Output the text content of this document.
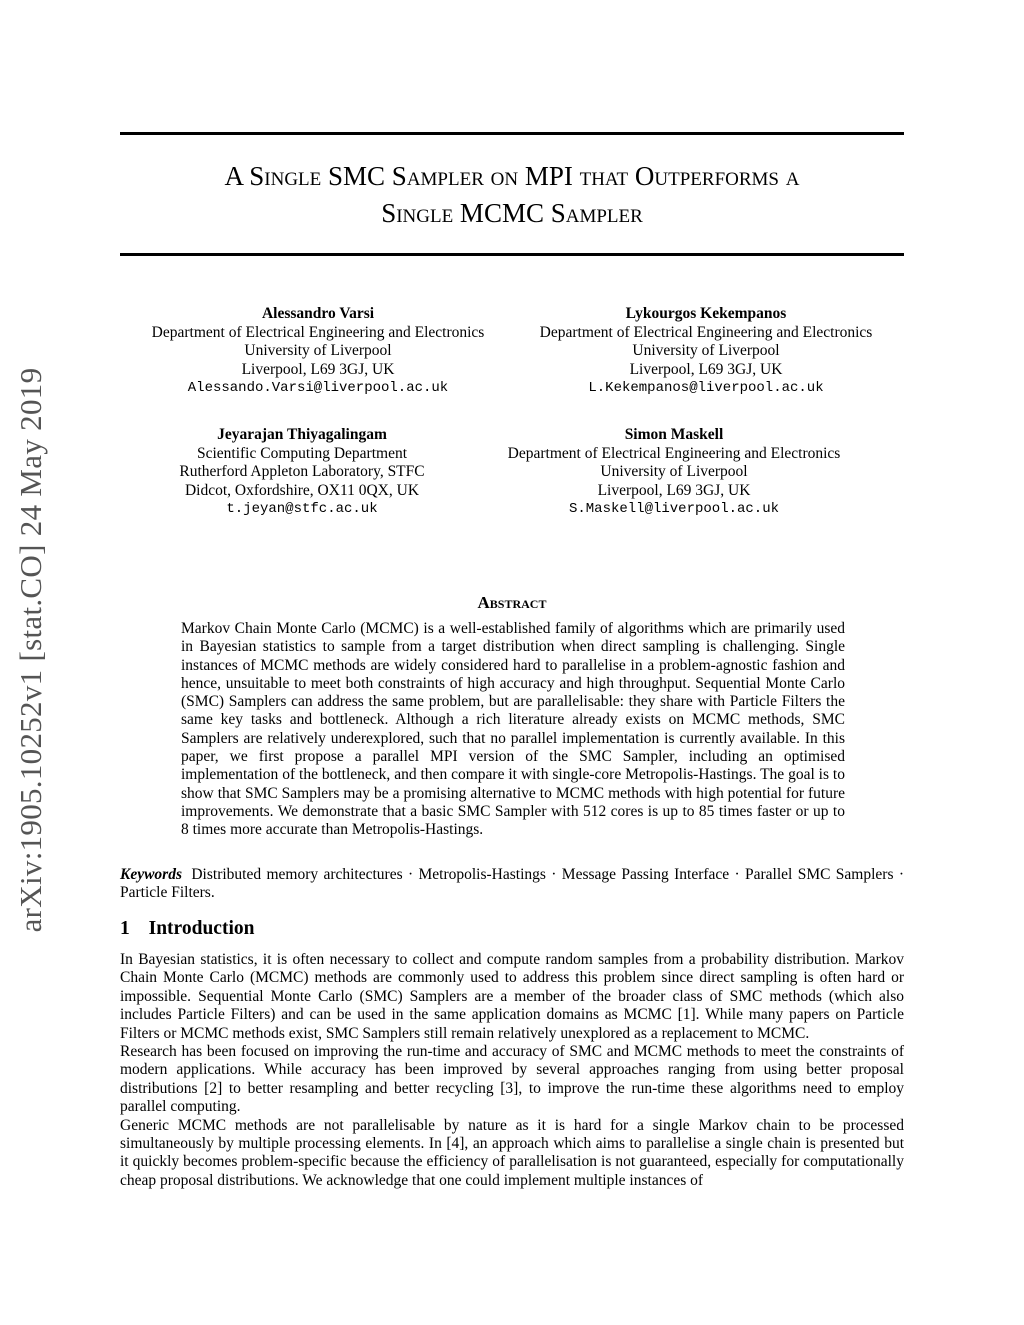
arXiv:1905.10252v1 [stat.CO] 24 May 2019
A Single SMC Sampler on MPI that Outperforms a
Single MCMC Sampler
Alessandro Varsi
Department of Electrical Engineering and Electronics
University of Liverpool
Liverpool, L69 3GJ, UK
Alessando.Varsi@liverpool.ac.uk
Lykourgos Kekempanos
Department of Electrical Engineering and Electronics
University of Liverpool
Liverpool, L69 3GJ, UK
L.Kekempanos@liverpool.ac.uk
Jeyarajan Thiyagalingam
Scientific Computing Department
Rutherford Appleton Laboratory, STFC
Didcot, Oxfordshire, OX11 0QX, UK
t.jeyan@stfc.ac.uk
Simon Maskell
Department of Electrical Engineering and Electronics
University of Liverpool
Liverpool, L69 3GJ, UK
S.Maskell@liverpool.ac.uk
Abstract
Markov Chain Monte Carlo (MCMC) is a well-established family of algorithms which are primarily used in Bayesian statistics to sample from a target distribution when direct sampling is challenging. Single instances of MCMC methods are widely considered hard to parallelise in a problem-agnostic fashion and hence, unsuitable to meet both constraints of high accuracy and high throughput. Sequential Monte Carlo (SMC) Samplers can address the same problem, but are parallelisable: they share with Particle Filters the same key tasks and bottleneck. Although a rich literature already exists on MCMC methods, SMC Samplers are relatively underexplored, such that no parallel implementation is currently available. In this paper, we first propose a parallel MPI version of the SMC Sampler, including an optimised implementation of the bottleneck, and then compare it with single-core Metropolis-Hastings. The goal is to show that SMC Samplers may be a promising alternative to MCMC methods with high potential for future improvements. We demonstrate that a basic SMC Sampler with 512 cores is up to 85 times faster or up to 8 times more accurate than Metropolis-Hastings.
Keywords Distributed memory architectures · Metropolis-Hastings · Message Passing Interface · Parallel SMC Samplers · Particle Filters.
1 Introduction

In Bayesian statistics, it is often necessary to collect and compute random samples from a probability distribution. Markov Chain Monte Carlo (MCMC) methods are commonly used to address this problem since direct sampling is often hard or impossible. Sequential Monte Carlo (SMC) Samplers are a member of the broader class of SMC methods (which also includes Particle Filters) and can be used in the same application domains as MCMC [1]. While many papers on Particle Filters or MCMC methods exist, SMC Samplers still remain relatively unexplored as a replacement to MCMC.

Research has been focused on improving the run-time and accuracy of SMC and MCMC methods to meet the constraints of modern applications. While accuracy has been improved by several approaches ranging from using better proposal distributions [2] to better resampling and better recycling [3], to improve the run-time these algorithms need to employ parallel computing.

Generic MCMC methods are not parallelisable by nature as it is hard for a single Markov chain to be processed simultaneously by multiple processing elements. In [4], an approach which aims to parallelise a single chain is presented but it quickly becomes problem-specific because the efficiency of parallelisation is not guaranteed, especially for computationally cheap proposal distributions. We acknowledge that one could implement multiple instances of
